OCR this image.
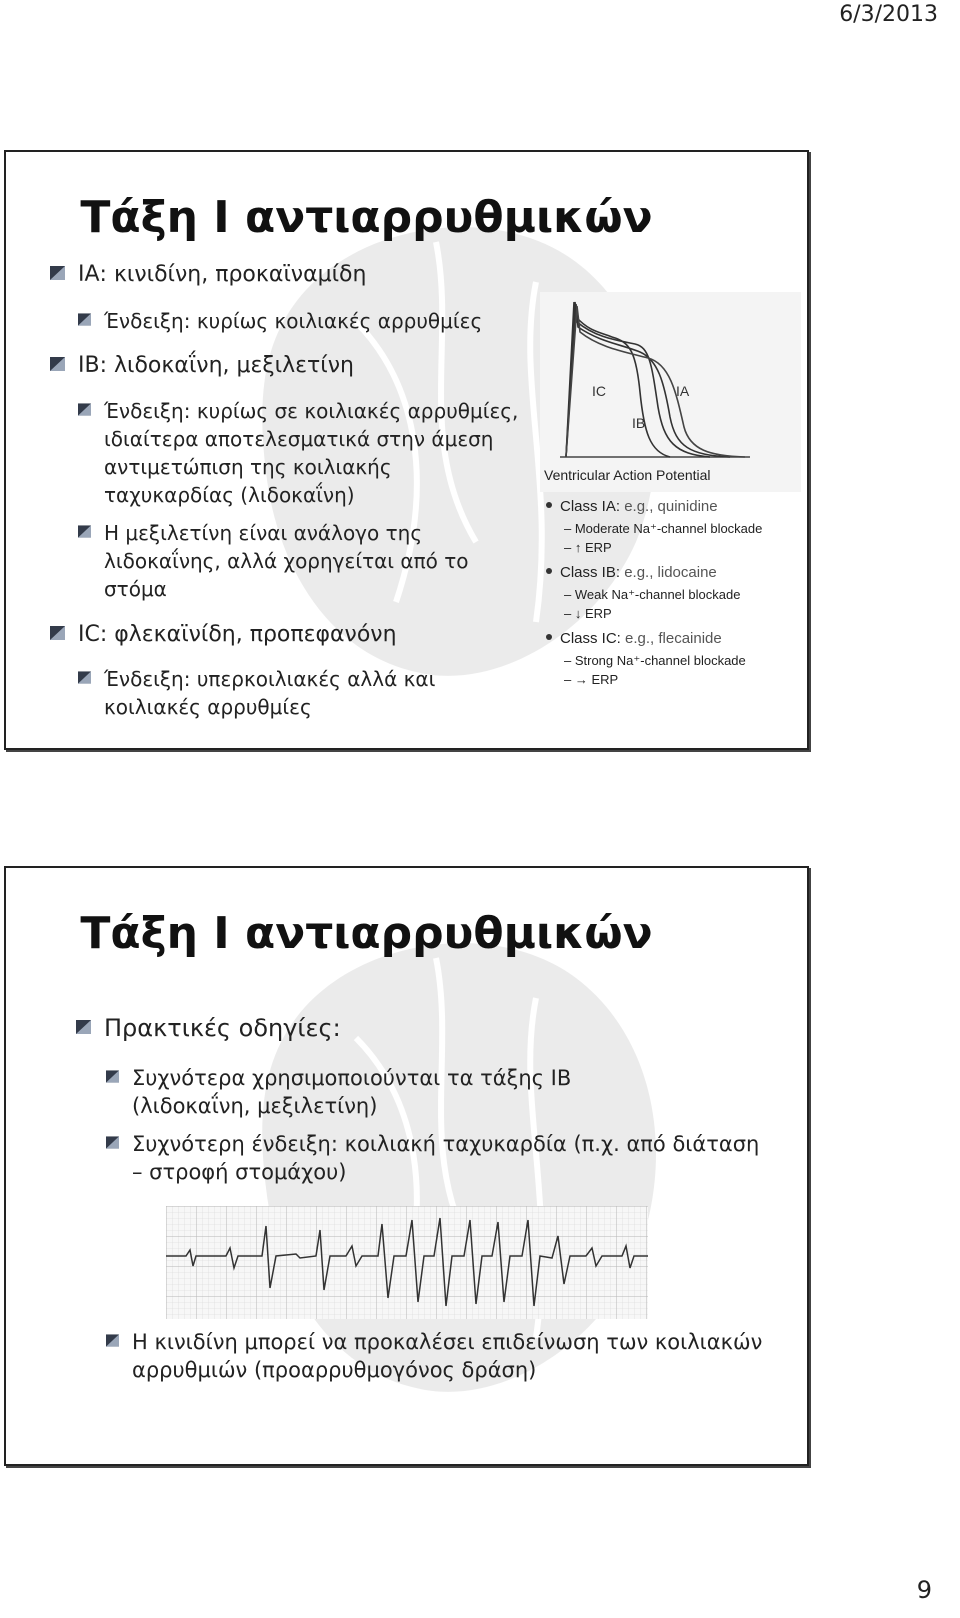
6/3/2013
Τάξη Ι αντιαρρυθμικών
ΙΑ: κινιδίνη, προκαϊναμίδη
Ένδειξη: κυρίως κοιλιακές αρρυθμίες
ΙΒ: λιδοκαΐνη, μεξιλετίνη
Ένδειξη: κυρίως σε κοιλιακές αρρυθμίες, ιδιαίτερα αποτελεσματικά στην άμεση αντιμετώπιση της κοιλιακής ταχυκαρδίας (λιδοκαΐνη)
Η μεξιλετίνη είναι ανάλογο της λιδοκαΐνης, αλλά χορηγείται από το στόμα
IC: φλεκαϊνίδη, προπεφανόνη
Ένδειξη: υπερκοιλιακές αλλά και κοιλιακές αρρυθμίες
IC	IA
IB
Ventricular Action Potential
Class IA: e.g., quinidine
– Moderate Na⁺-channel blockade
– ↑ ERP
Class IB: e.g., lidocaine
– Weak Na⁺-channel blockade
– ↓ ERP
Class IC: e.g., flecainide
– Strong Na⁺-channel blockade
– → ERP
Τάξη Ι αντιαρρυθμικών
Πρακτικές οδηγίες:
Συχνότερα χρησιμοποιούνται τα τάξης ΙΒ (λιδοκαΐνη, μεξιλετίνη)
Συχνότερη ένδειξη: κοιλιακή ταχυκαρδία (π.χ. από διάταση – στροφή στομάχου)
Η κινιδίνη μπορεί να προκαλέσει επιδείνωση των κοιλιακών αρρυθμιών (προαρρυθμογόνος δράση)
9
